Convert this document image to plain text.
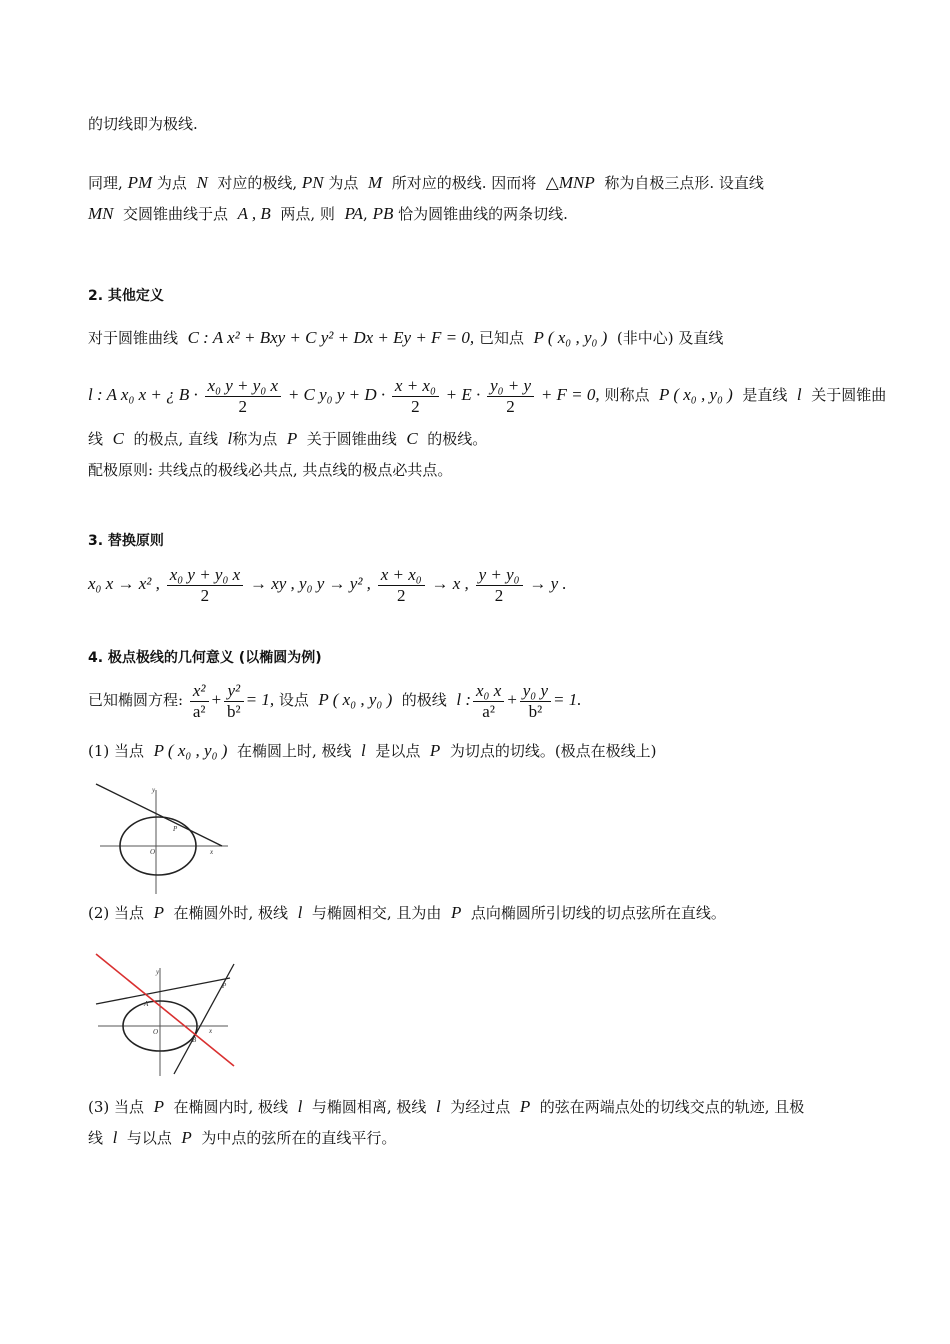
的切线即为极线.
同理, PM 为点 N 对应的极线, PN 为点 M 所对应的极线. 因而将 △MNP 称为自极三点形. 设直线
MN 交圆锥曲线于点 A , B 两点, 则 PA, PB 恰为圆锥曲线的两条切线.
2. 其他定义
对于圆锥曲线 C : A x² + Bxy + C y² + Dx + Ey + F = 0, 已知点 P ( x₀ , y₀ ) (非中心) 及直线
l : A x₀ x + ¿ $B \cdot \frac{\text{x₀ y + y₀ x}}{2} + C$ y₀ $y + D \cdot \frac{\text{x + x₀}}{2} + E \cdot \frac{\text{y₀ + y}}{2} + F = 0$, 则称点 P ( x₀ , y₀ ) 是直线 l 关于圆锥曲
线 C 的极点, 直线 l称为点 P 关于圆锥曲线 C 的极线。
配极原则: 共线点的极线必共点, 共点线的极点必共点。
3. 替换原则
x₀ x → x² , $\frac{\text{x₀ y + y₀ x}}{2}$ → xy , y₀ y → y² , $\frac{\text{x + x₀}}{2} \to x$ , $\frac{\text{y + y₀}}{2} \to y$ .
4. 极点极线的几何意义 (以椭圆为例)
已知椭圆方程: $\frac{\text{x²}}{\text{a²}} + \frac{\text{y²}}{\text{b²}} = 1$, 设点 P ( x₀ , y₀ ) 的极线 l : $\frac{\text{x₀ x}}{\text{a²}} + \frac{\text{y₀ y}}{\text{b²}} = 1$.
(1) 当点 P ( x₀ , y₀ ) 在椭圆上时, 极线 l 是以点 P 为切点的切线。(极点在极线上)
y
x
O
P
(2) 当点 P 在椭圆外时, 极线 l 与椭圆相交, 且为由 P 点向椭圆所引切线的切点弦所在直线。
y
x
O
A
B
P
(3) 当点 P 在椭圆内时, 极线 l 与椭圆相离, 极线 l 为经过点 P 的弦在两端点处的切线交点的轨迹, 且极
线 l 与以点 P 为中点的弦所在的直线平行。
